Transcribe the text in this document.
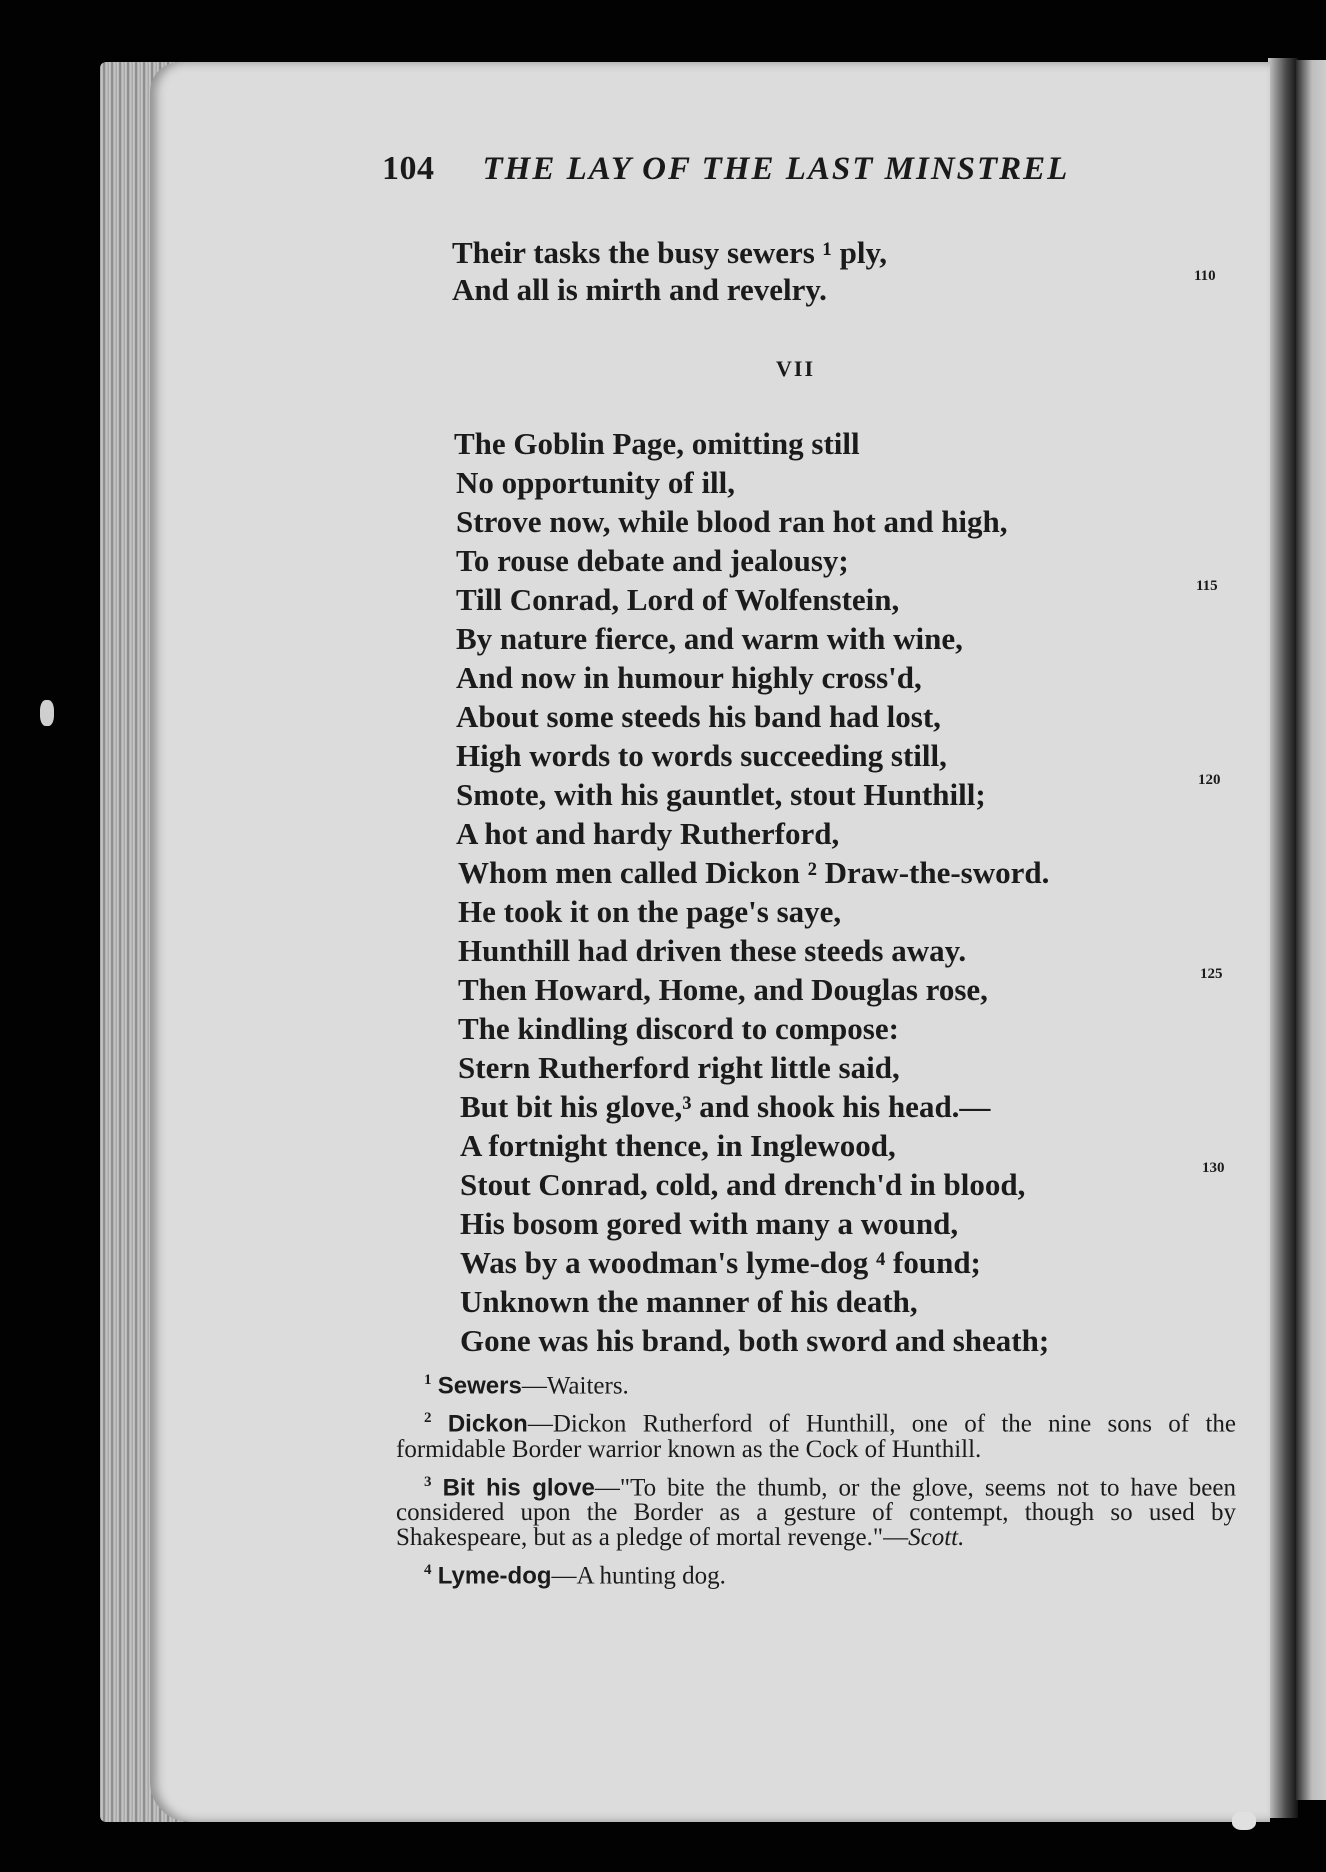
104 THE LAY OF THE LAST MINSTREL

Their tasks the busy sewers ¹ ply,

And all is mirth and revelry.	110
VII

The Goblin Page, omitting still

No opportunity of ill,

Strove now, while blood ran hot and high,

To rouse debate and jealousy;

Till Conrad, Lord of Wolfenstein,

By nature fierce, and warm with wine,

And now in humour highly cross'd,

About some steeds his band had lost,

High words to words succeeding still,

Smote, with his gauntlet, stout Hunthill;

A hot and hardy Rutherford,

Whom men called Dickon ² Draw-the-sword.

He took it on the page's saye,

Hunthill had driven these steeds away.

Then Howard, Home, and Douglas rose,

The kindling discord to compose:

Stern Rutherford right little said,

But bit his glove,³ and shook his head.—

A fortnight thence, in Inglewood,

Stout Conrad, cold, and drench'd in blood,

His bosom gored with many a wound,

Was by a woodman's lyme-dog ⁴ found;

Unknown the manner of his death,

Gone was his brand, both sword and sheath;

115
120
125
130

$^1$ Sewers—Waiters.

$^2$ Dickon—Dickon Rutherford of Hunthill, one of the nine sons of the formidable Border warrior known as the Cock of Hunthill.

$^3$ Bit his glove—"To bite the thumb, or the glove, seems not to have been considered upon the Border as a gesture of contempt, though so used by Shakespeare, but as a pledge of mortal revenge."—Scott.

$^4$ Lyme-dog—A hunting dog.
